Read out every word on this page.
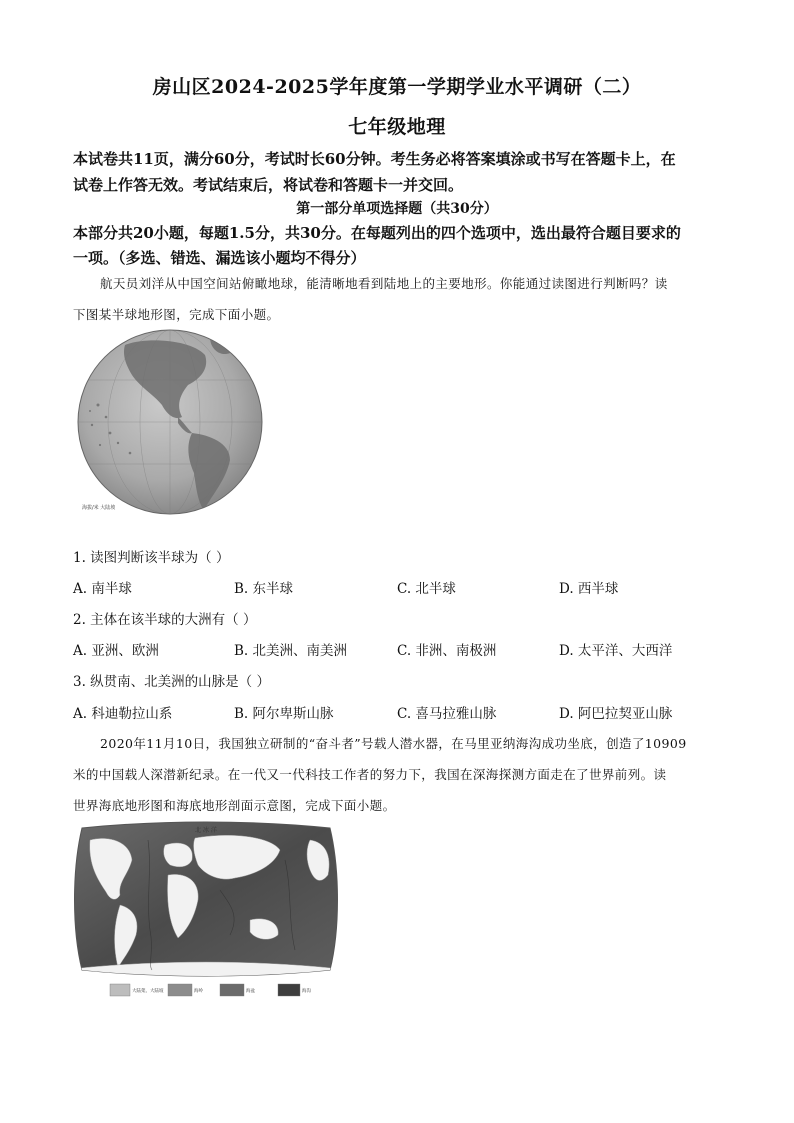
房山区2024-2025学年度第一学期学业水平调研（二）
七年级地理
本试卷共11页，满分60分，考试时长60分钟。考生务必将答案填涂或书写在答题卡上，在
试卷上作答无效。考试结束后，将试卷和答题卡一并交回。
第一部分单项选择题（共30分）
本部分共20小题，每题1.5分，共30分。在每题列出的四个选项中，选出最符合题目要求的
一项。（多选、错选、漏选该小题均不得分）
航天员刘洋从中国空间站俯瞰地球，能清晰地看到陆地上的主要地形。你能通过读图进行判断吗？读
下图某半球地形图，完成下面小题。
海拔/米 大陆坡
1. 读图判断该半球为（ ）
A. 南半球	B. 东半球	C. 北半球	D. 西半球
2. 主体在该半球的大洲有（ ）
A. 亚洲、欧洲	B. 北美洲、南美洲	C. 非洲、南极洲	D. 太平洋、大西洋
3. 纵贯南、北美洲的山脉是（ ）
A. 科迪勒拉山系	B. 阿尔卑斯山脉	C. 喜马拉雅山脉	D. 阿巴拉契亚山脉
2020年11月10日，我国独立研制的“奋斗者”号载人潜水器，在马里亚纳海沟成功坐底，创造了10909
米的中国载人深潜新纪录。在一代又一代科技工作者的努力下，我国在深海探测方面走在了世界前列。读
世界海底地形图和海底地形剖面示意图，完成下面小题。
北 冰 洋
大陆架、大陆坡	海岭	海盆	海沟
